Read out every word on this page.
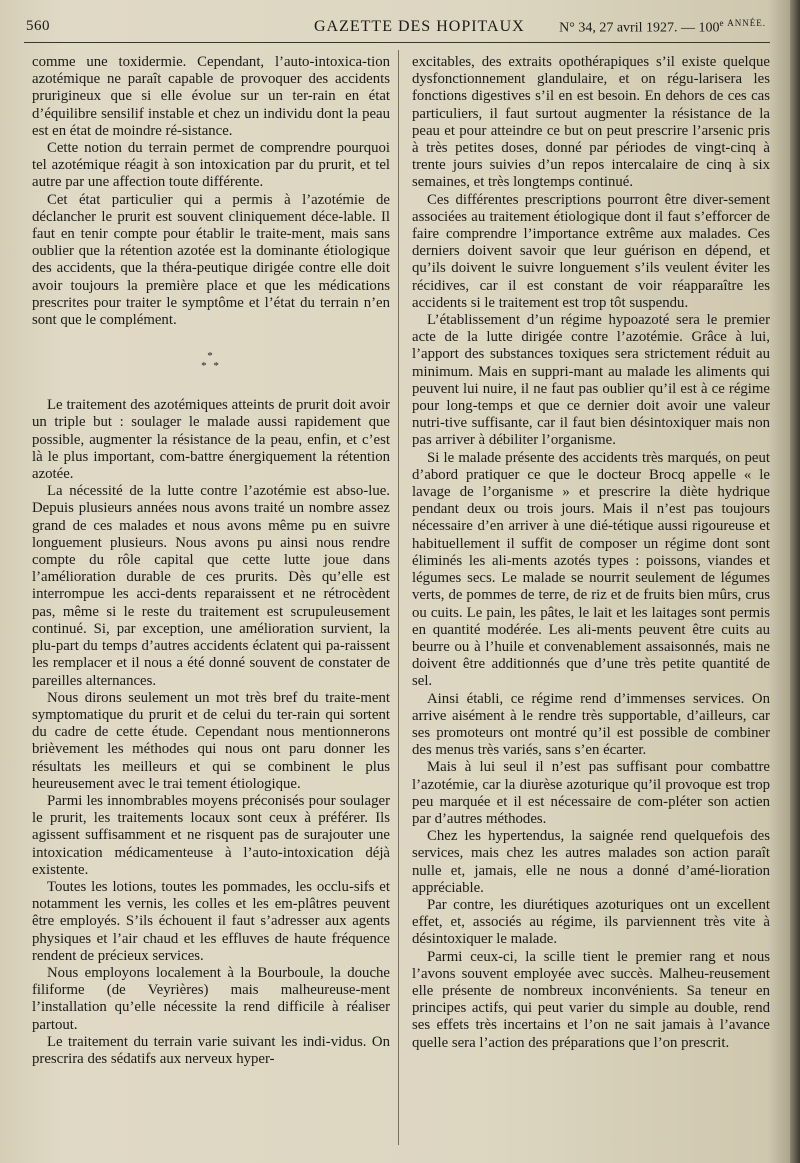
560	GAZETTE DES HOPITAUX N° 34, 27 avril 1927. — $100^{e ANNÉE.}$

comme une toxidermie. Cependant, l’auto-intoxica-tion azotémique ne paraît capable de provoquer des accidents prurigineux que si elle évolue sur un ter-rain en état d’équilibre sensilif instable et chez un individu dont la peau est en état de moindre ré-sistance.

Cette notion du terrain permet de comprendre pourquoi tel azotémique réagit à son intoxication par du prurit, et tel autre par une affection toute différente.

Cet état particulier qui a permis à l’azotémie de déclancher le prurit est souvent cliniquement déce-lable. Il faut en tenir compte pour établir le traite-ment, mais sans oublier que la rétention azotée est la dominante étiologique des accidents, que la théra-peutique dirigée contre elle doit avoir toujours la première place et que les médications prescrites pour traiter le symptôme et l’état du terrain n’en sont que le complément.

*
* *

Le traitement des azotémiques atteints de prurit doit avoir un triple but : soulager le malade aussi rapidement que possible, augmenter la résistance de la peau, enfin, et c’est là le plus important, com-battre énergiquement la rétention azotée.

La nécessité de la lutte contre l’azotémie est abso-lue. Depuis plusieurs années nous avons traité un nombre assez grand de ces malades et nous avons même pu en suivre longuement plusieurs. Nous avons pu ainsi nous rendre compte du rôle capital que cette lutte joue dans l’amélioration durable de ces prurits. Dès qu’elle est interrompue les acci-dents reparaissent et ne rétrocèdent pas, même si le reste du traitement est scrupuleusement continué. Si, par exception, une amélioration survient, la plu-part du temps d’autres accidents éclatent qui pa-raissent les remplacer et il nous a été donné souvent de constater de pareilles alternances.

Nous dirons seulement un mot très bref du traite-ment symptomatique du prurit et de celui du ter-rain qui sortent du cadre de cette étude. Cependant nous mentionnerons brièvement les méthodes qui nous ont paru donner les résultats les meilleurs et qui se combinent le plus heureusement avec le trai tement étiologique.

Parmi les innombrables moyens préconisés pour soulager le prurit, les traitements locaux sont ceux à préférer. Ils agissent suffisamment et ne risquent pas de surajouter une intoxication médicamenteuse à l’auto-intoxication déjà existente.

Toutes les lotions, toutes les pommades, les occlu-sifs et notamment les vernis, les colles et les em-plâtres peuvent être employés. S’ils échouent il faut s’adresser aux agents physiques et l’air chaud et les effluves de haute fréquence rendent de précieux services.

Nous employons localement à la Bourboule, la douche filiforme (de Veyrières) mais malheureuse-ment l’installation qu’elle nécessite la rend difficile à réaliser partout.

Le traitement du terrain varie suivant les indi-vidus. On prescrira des sédatifs aux nerveux hyper-

excitables, des extraits opothérapiques s’il existe quelque dysfonctionnement glandulaire, et on régu-larisera les fonctions digestives s’il en est besoin. En dehors de ces cas particuliers, il faut surtout augmenter la résistance de la peau et pour atteindre ce but on peut prescrire l’arsenic pris à très petites doses, donné par périodes de vingt-cinq à trente jours suivies d’un repos intercalaire de cinq à six semaines, et très longtemps continué.

Ces différentes prescriptions pourront être diver-sement associées au traitement étiologique dont il faut s’efforcer de faire comprendre l’importance extrême aux malades. Ces derniers doivent savoir que leur guérison en dépend, et qu’ils doivent le suivre longuement s’ils veulent éviter les récidives, car il est constant de voir réapparaître les accidents si le traitement est trop tôt suspendu.

L’établissement d’un régime hypoazoté sera le premier acte de la lutte dirigée contre l’azotémie. Grâce à lui, l’apport des substances toxiques sera strictement réduit au minimum. Mais en suppri-mant au malade les aliments qui peuvent lui nuire, il ne faut pas oublier qu’il est à ce régime pour long-temps et que ce dernier doit avoir une valeur nutri-tive suffisante, car il faut bien désintoxiquer mais non pas arriver à débiliter l’organisme.

Si le malade présente des accidents très marqués, on peut d’abord pratiquer ce que le docteur Brocq appelle « le lavage de l’organisme » et prescrire la diète hydrique pendant deux ou trois jours. Mais il n’est pas toujours nécessaire d’en arriver à une dié-tétique aussi rigoureuse et habituellement il suffit de composer un régime dont sont éliminés les ali-ments azotés types : poissons, viandes et légumes secs. Le malade se nourrit seulement de légumes verts, de pommes de terre, de riz et de fruits bien mûrs, crus ou cuits. Le pain, les pâtes, le lait et les laitages sont permis en quantité modérée. Les ali-ments peuvent être cuits au beurre ou à l’huile et convenablement assaisonnés, mais ne doivent être additionnés que d’une très petite quantité de sel.

Ainsi établi, ce régime rend d’immenses services. On arrive aisément à le rendre très supportable, d’ailleurs, car ses promoteurs ont montré qu’il est possible de combiner des menus très variés, sans s’en écarter.

Mais à lui seul il n’est pas suffisant pour combattre l’azotémie, car la diurèse azoturique qu’il provoque est trop peu marquée et il est nécessaire de com-pléter son actien par d’autres méthodes.

Chez les hypertendus, la saignée rend quelquefois des services, mais chez les autres malades son action paraît nulle et, jamais, elle ne nous a donné d’amé-lioration appréciable.

Par contre, les diurétiques azoturiques ont un excellent effet, et, associés au régime, ils parviennent très vite à désintoxiquer le malade.

Parmi ceux-ci, la scille tient le premier rang et nous l’avons souvent employée avec succès. Malheu-reusement elle présente de nombreux inconvénients. Sa teneur en principes actifs, qui peut varier du simple au double, rend ses effets très incertains et l’on ne sait jamais à l’avance quelle sera l’action des préparations que l’on prescrit.
